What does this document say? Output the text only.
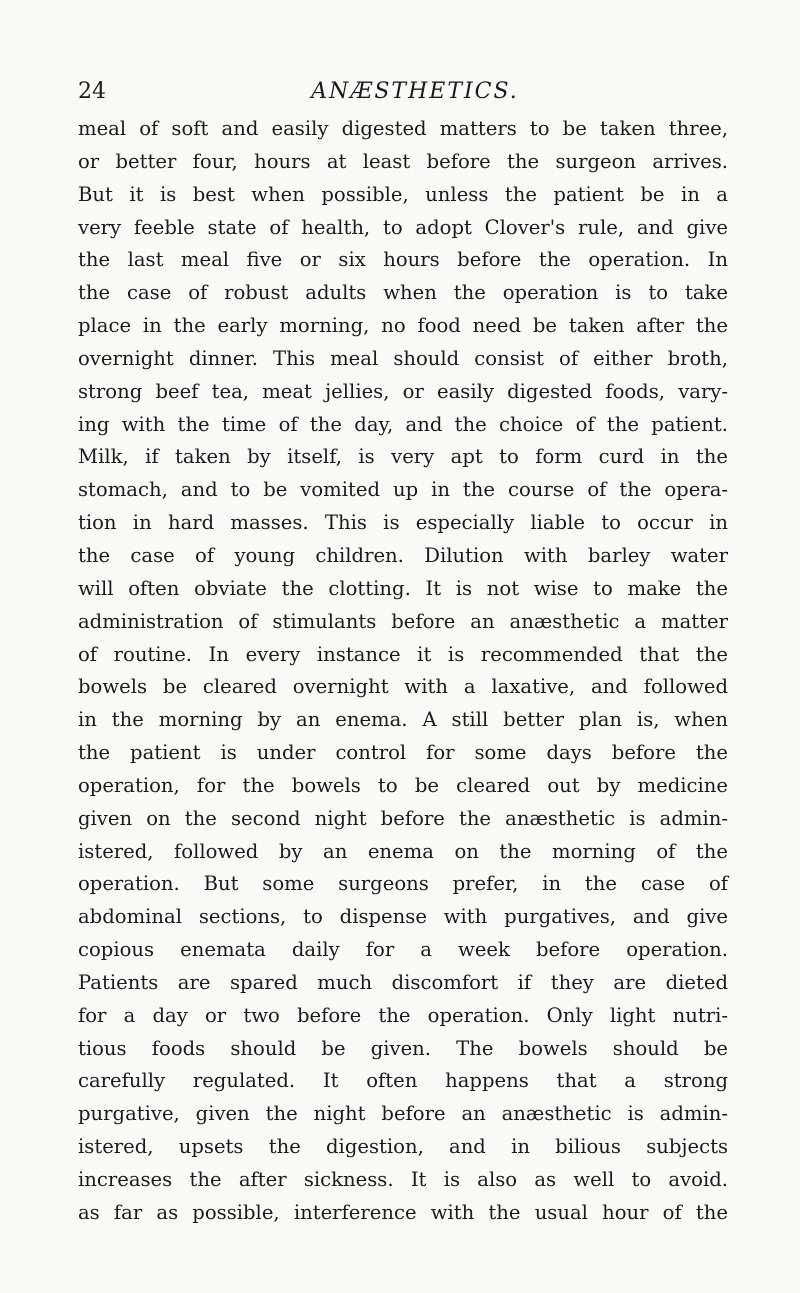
24	ANÆSTHETICS.
meal of soft and easily digested matters to be taken three,
or better four, hours at least before the surgeon arrives.
But it is best when possible, unless the patient be in a
very feeble state of health, to adopt Clover's rule, and give
the last meal five or six hours before the operation. In
the case of robust adults when the operation is to take
place in the early morning, no food need be taken after the
overnight dinner. This meal should consist of either broth,
strong beef tea, meat jellies, or easily digested foods, vary-
ing with the time of the day, and the choice of the patient.
Milk, if taken by itself, is very apt to form curd in the
stomach, and to be vomited up in the course of the opera-
tion in hard masses. This is especially liable to occur in
the case of young children. Dilution with barley water
will often obviate the clotting. It is not wise to make the
administration of stimulants before an anæsthetic a matter
of routine. In every instance it is recommended that the
bowels be cleared overnight with a laxative, and followed
in the morning by an enema. A still better plan is, when
the patient is under control for some days before the
operation, for the bowels to be cleared out by medicine
given on the second night before the anæsthetic is admin-
istered, followed by an enema on the morning of the
operation. But some surgeons prefer, in the case of
abdominal sections, to dispense with purgatives, and give
copious enemata daily for a week before operation.
Patients are spared much discomfort if they are dieted
for a day or two before the operation. Only light nutri-
tious foods should be given. The bowels should be
carefully regulated. It often happens that a strong
purgative, given the night before an anæsthetic is admin-
istered, upsets the digestion, and in bilious subjects
increases the after sickness. It is also as well to avoid.
as far as possible, interference with the usual hour of the
